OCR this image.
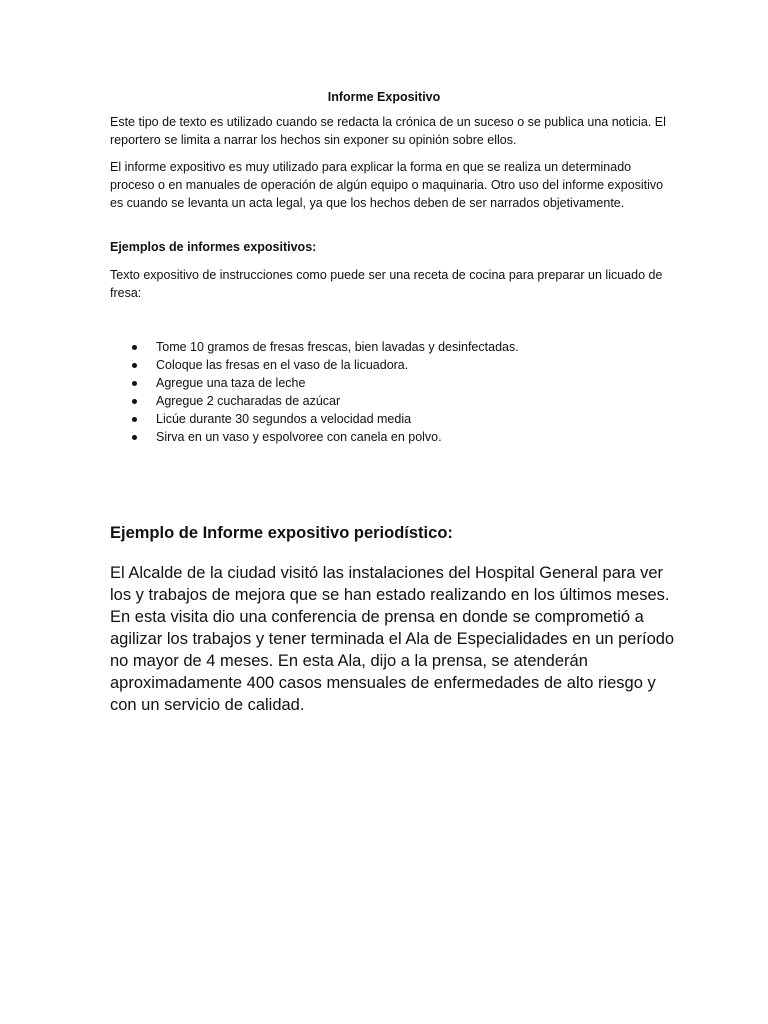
Informe Expositivo

Este tipo de texto es utilizado cuando se redacta la crónica de un suceso o se publica una noticia. El reportero se limita a narrar los hechos sin exponer su opinión sobre ellos.

El informe expositivo es muy utilizado para explicar la forma en que se realiza un determinado proceso o en manuales de operación de algún equipo o maquinaria. Otro uso del informe expositivo es cuando se levanta un acta legal, ya que los hechos deben de ser narrados objetivamente.

Ejemplos de informes expositivos:

Texto expositivo de instrucciones como puede ser una receta de cocina para preparar un licuado de fresa:

Tome 10 gramos de fresas frescas, bien lavadas y desinfectadas.
Coloque las fresas en el vaso de la licuadora.
Agregue una taza de leche
Agregue 2 cucharadas de azúcar
Licúe durante 30 segundos a velocidad media
Sirva en un vaso y espolvoree con canela en polvo.

Ejemplo de Informe expositivo periodístico:

El Alcalde de la ciudad visitó las instalaciones del Hospital General para ver los y trabajos de mejora que se han estado realizando en los últimos meses. En esta visita dio una conferencia de prensa en donde se comprometió a agilizar los trabajos y tener terminada el Ala de Especialidades en un período no mayor de 4 meses. En esta Ala, dijo a la prensa, se atenderán aproximadamente 400 casos mensuales de enfermedades de alto riesgo y con un servicio de calidad.
